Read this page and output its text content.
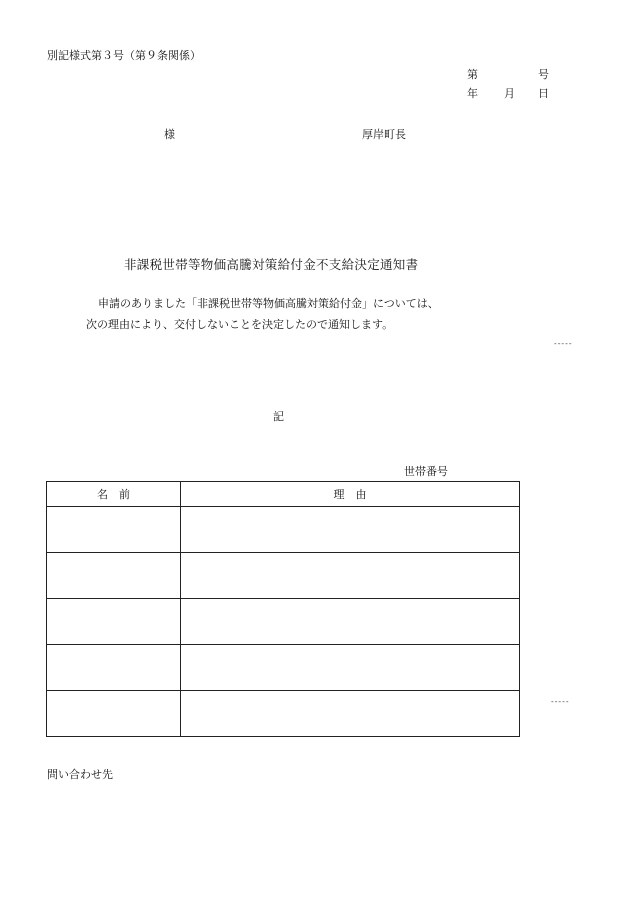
別記様式第３号（第９条関係）
第	号
年 月 日
様	厚岸町長
非課税世帯等物価高騰対策給付金不支給決定通知書
申請のありました「非課税世帯等物価高騰対策給付金」については、
次の理由により、交付しないことを決定したので通知します。
-----
記
世帯番号
名　前	理　由

-----
問い合わせ先
